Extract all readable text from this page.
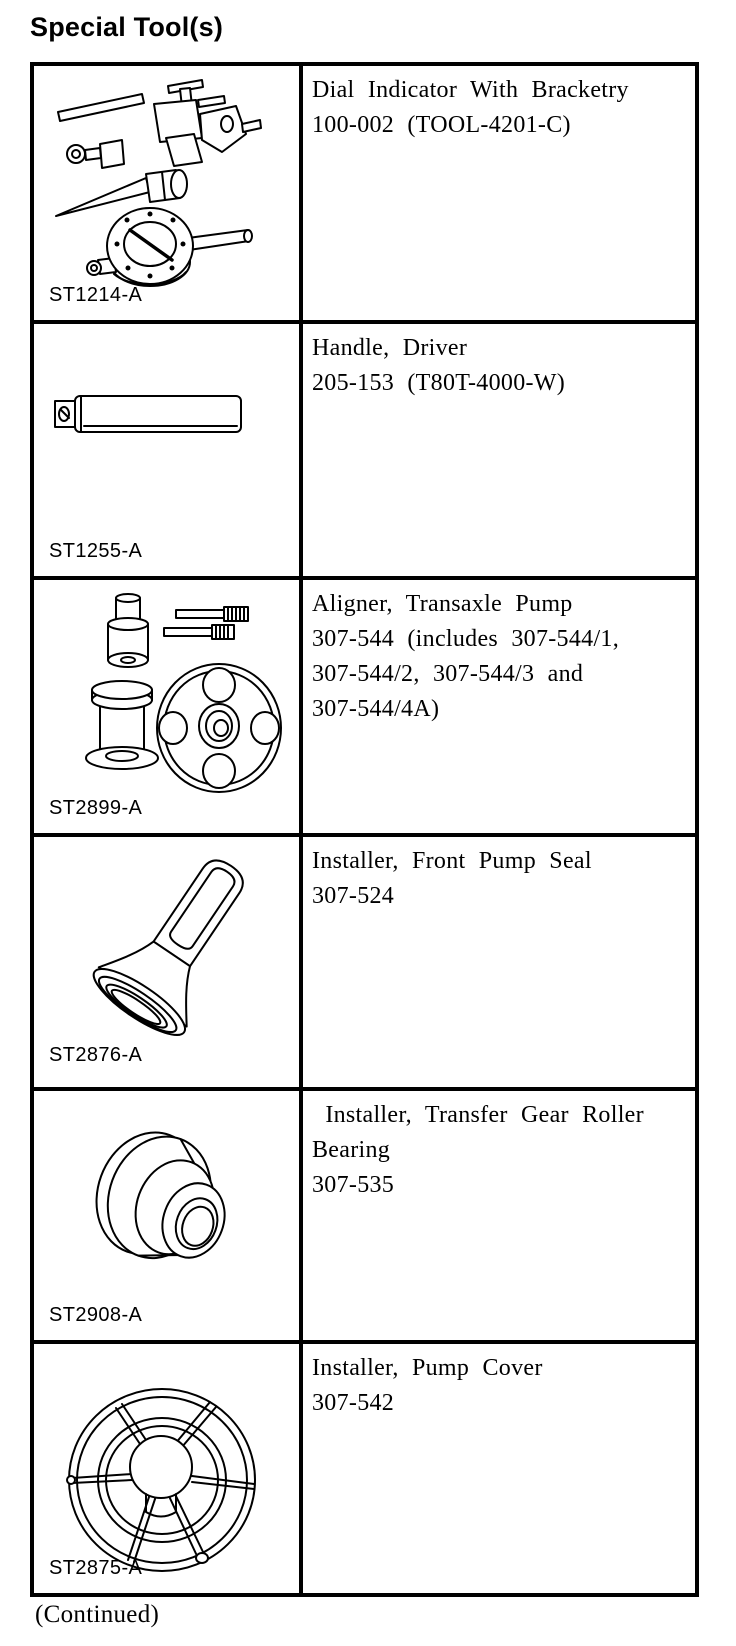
Special Tool(s)
ST1214-A
Dial Indicator With Bracketry
100-002 (TOOL-4201-C)
ST1255-A
Handle, Driver
205-153 (T80T-4000-W)
ST2899-A
Aligner, Transaxle Pump
307-544 (includes 307-544/1,
307-544/2, 307-544/3 and
307-544/4A)
ST2876-A
Installer, Front Pump Seal
307-524
ST2908-A
Installer, Transfer Gear Roller
Bearing
307-535
ST2875-A
Installer, Pump Cover
307-542
(Continued)
